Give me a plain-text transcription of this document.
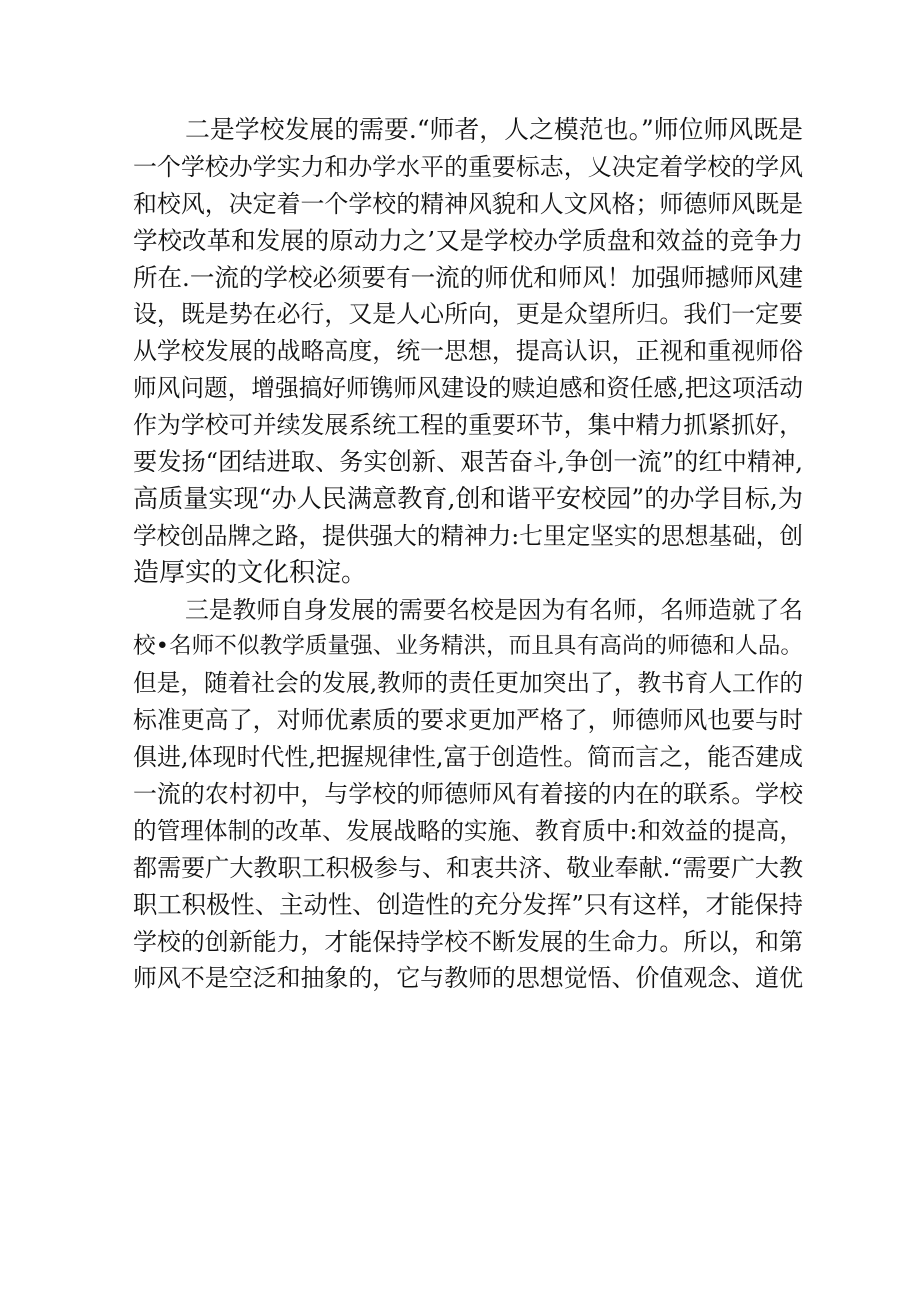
二是学校发展的需要.“师者，人之模范也。”师位师风既是
一个学校办学实力和办学水平的重要标志，乂决定着学校的学风
和校风，决定着一个学校的精神风貌和人文风格；师德师风既是
学校改革和发展的原动力之’又是学校办学质盘和效益的竞争力
所在.一流的学校必须要有一流的师优和师风！加强师撼师风建
设，既是势在必行，又是人心所向，更是众望所归。我们一定要
从学校发展的战略高度，统一思想，提高认识，正视和重视师俗
师风问题，增强搞好师镌师风建设的赎迫感和资任感,把这项活动
作为学校可并续发展系统工程的重要环节，集中精力抓紧抓好，
要发扬“团结进取、务实创新、艰苦奋斗,争创一流”的红中精神,
高质量实现“办人民满意教育,创和谐平安校园”的办学目标,为
学校创品牌之路，提供强大的精神力:七里定坚实的思想基础，创
造厚实的文化积淀。
三是教师自身发展的需要名校是因为有名师，名师造就了名
校•名师不似教学质量强、业务精洪，而且具有高尚的师德和人品。
但是，随着社会的发展,教师的责任更加突出了，教书育人工作的
标准更高了，对师优素质的要求更加严格了，师德师风也要与时
俱进,体现时代性,把握规律性,富于创造性。简而言之，能否建成
一流的农村初中，与学校的师德师风有着接的内在的联系。学校
的管理体制的改革、发展战略的实施、教育质中:和效益的提高，
都需要广大教职工积极参与、和衷共济、敬业奉献.“需要广大教
职工积极性、主动性、创造性的充分发挥”只有这样，才能保持
学校的创新能力，才能保持学校不断发展的生命力。所以，和第
师风不是空泛和抽象的，它与教师的思想觉悟、价值观念、道优
